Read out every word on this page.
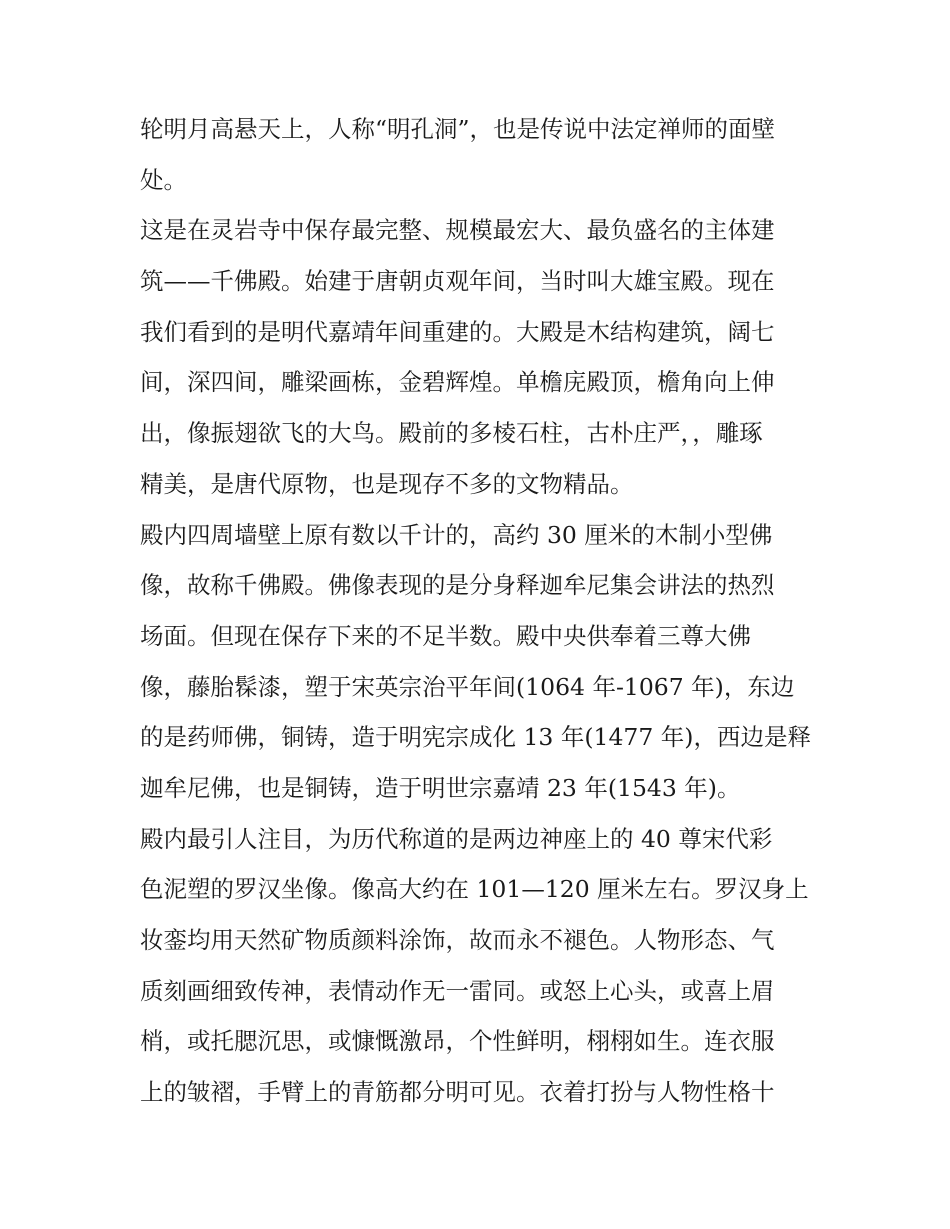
轮明月高悬天上，人称“明孔洞”，也是传说中法定禅师的面壁
处。
这是在灵岩寺中保存最完整、规模最宏大、最负盛名的主体建
筑——千佛殿。始建于唐朝贞观年间，当时叫大雄宝殿。现在
我们看到的是明代嘉靖年间重建的。大殿是木结构建筑，阔七
间，深四间，雕梁画栋，金碧辉煌。单檐庑殿顶，檐角向上伸
出，像振翅欲飞的大鸟。殿前的多棱石柱，古朴庄严，，雕琢
精美，是唐代原物，也是现存不多的文物精品。
殿内四周墙壁上原有数以千计的，高约 30 厘米的木制小型佛
像，故称千佛殿。佛像表现的是分身释迦牟尼集会讲法的热烈
场面。但现在保存下来的不足半数。殿中央供奉着三尊大佛
像，藤胎髹漆，塑于宋英宗治平年间(1064 年-1067 年)，东边
的是药师佛，铜铸，造于明宪宗成化 13 年(1477 年)，西边是释
迦牟尼佛，也是铜铸，造于明世宗嘉靖 23 年(1543 年)。
殿内最引人注目，为历代称道的是两边神座上的 40 尊宋代彩
色泥塑的罗汉坐像。像高大约在 101—120 厘米左右。罗汉身上
妆銮均用天然矿物质颜料涂饰，故而永不褪色。人物形态、气
质刻画细致传神，表情动作无一雷同。或怒上心头，或喜上眉
梢，或托腮沉思，或慷慨激昂，个性鲜明，栩栩如生。连衣服
上的皱褶，手臂上的青筋都分明可见。衣着打扮与人物性格十
